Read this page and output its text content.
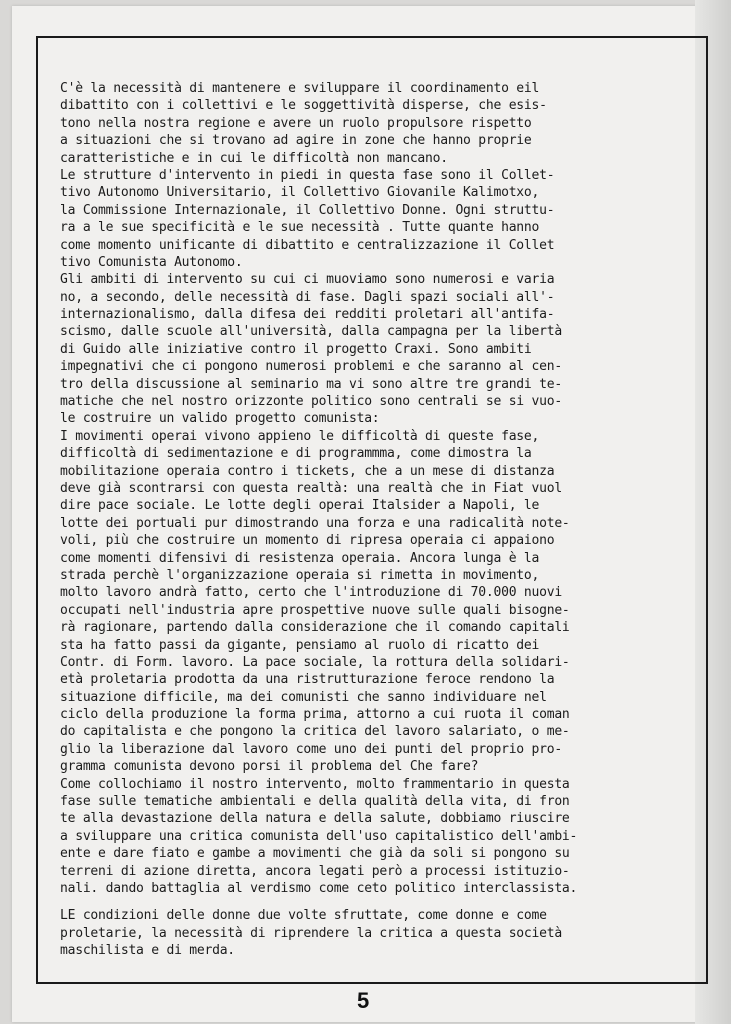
C'è la necessità di mantenere e sviluppare il coordinamento eil
dibattito con i collettivi e le soggettività disperse, che esis-
tono nella nostra regione e avere un ruolo propulsore rispetto
a situazioni che si trovano ad agire in zone che hanno proprie
caratteristiche e in cui le difficoltà non mancano.
Le strutture d'intervento in piedi in questa fase sono il Collet-
tivo Autonomo Universitario, il Collettivo Giovanile Kalimotxo,
la Commissione Internazionale, il Collettivo Donne. Ogni struttu-
ra a le sue specificità e le sue necessità . Tutte quante hanno
come momento unificante di dibattito e centralizzazione il Collet
tivo Comunista Autonomo.
Gli ambiti di intervento su cui ci muoviamo sono numerosi e varia
no, a secondo, delle necessità di fase. Dagli spazi sociali all'-
internazionalismo, dalla difesa dei redditi proletari all'antifa-
scismo, dalle scuole all'università, dalla campagna per la libertà
di Guido alle iniziative contro il progetto Craxi. Sono ambiti
impegnativi che ci pongono numerosi problemi e che saranno al cen-
tro della discussione al seminario ma vi sono altre tre grandi te-
matiche che nel nostro orizzonte politico sono centrali se si vuo-
le costruire un valido progetto comunista:
I movimenti operai vivono appieno le difficoltà di queste fase,
difficoltà di sedimentazione e di programmma, come dimostra la
mobilitazione operaia contro i tickets, che a un mese di distanza
deve già scontrarsi con questa realtà: una realtà che in Fiat vuol
dire pace sociale. Le lotte degli operai Italsider a Napoli, le
lotte dei portuali pur dimostrando una forza e una radicalità note-
voli, più che costruire un momento di ripresa operaia ci appaiono
come momenti difensivi di resistenza operaia. Ancora lunga è la
strada perchè l'organizzazione operaia si rimetta in movimento,
molto lavoro andrà fatto, certo che l'introduzione di 70.000 nuovi
occupati nell'industria apre prospettive nuove sulle quali bisogne-
rà ragionare, partendo dalla considerazione che il comando capitali
sta ha fatto passi da gigante, pensiamo al ruolo di ricatto dei
Contr. di Form. lavoro. La pace sociale, la rottura della solidari-
età proletaria prodotta da una ristrutturazione feroce rendono la
situazione difficile, ma dei comunisti che sanno individuare nel
ciclo della produzione la forma prima, attorno a cui ruota il coman
do capitalista e che pongono la critica del lavoro salariato, o me-
glio la liberazione dal lavoro come uno dei punti del proprio pro-
gramma comunista devono porsi il problema del Che fare?
Come collochiamo il nostro intervento, molto frammentario in questa
fase sulle tematiche ambientali e della qualità della vita, di fron
te alla devastazione della natura e della salute, dobbiamo riuscire
a sviluppare una critica comunista dell'uso capitalistico dell'ambi-
ente e dare fiato e gambe a movimenti che già da soli si pongono su
terreni di azione diretta, ancora legati però a processi istituzio-
nali. dando battaglia al verdismo come ceto politico interclassista.
LE condizioni delle donne due volte sfruttate, come donne e come
proletarie, la necessità di riprendere la critica a questa società
maschilista e di merda.
5
